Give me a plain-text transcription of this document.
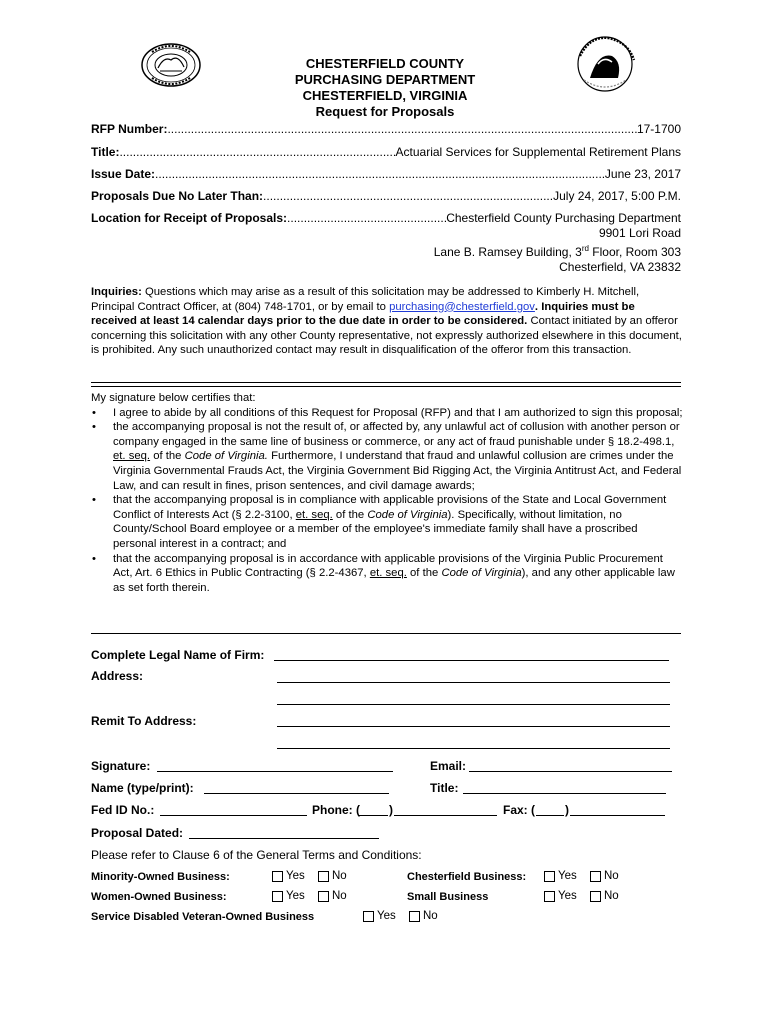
CHESTERFIELD COUNTY
PURCHASING DEPARTMENT
CHESTERFIELD, VIRGINIA
Request for Proposals
RFP Number: .....	17-1700
Title: .....	Actuarial Services for Supplemental Retirement Plans
Issue Date: .....	June 23, 2017
Proposals Due No Later Than: .....	July 24, 2017, 5:00 P.M.
Location for Receipt of Proposals: .....	Chesterfield County Purchasing Department
9901 Lori Road
Lane B. Ramsey Building, 3rd Floor, Room 303
Chesterfield, VA 23832
Inquiries: Questions which may arise as a result of this solicitation may be addressed to Kimberly H. Mitchell, Principal Contract Officer, at (804) 748-1701, or by email to purchasing@chesterfield.gov. Inquiries must be received at least 14 calendar days prior to the due date in order to be considered. Contact initiated by an offeror concerning this solicitation with any other County representative, not expressly authorized elsewhere in this document, is prohibited. Any such unauthorized contact may result in disqualification of the offeror from this transaction.
My signature below certifies that:
• I agree to abide by all conditions of this Request for Proposal (RFP) and that I am authorized to sign this proposal;
• the accompanying proposal is not the result of, or affected by, any unlawful act of collusion with another person or company engaged in the same line of business or commerce, or any act of fraud punishable under § 18.2-498.1, et. seq. of the Code of Virginia. Furthermore, I understand that fraud and unlawful collusion are crimes under the Virginia Governmental Frauds Act, the Virginia Government Bid Rigging Act, the Virginia Antitrust Act, and Federal Law, and can result in fines, prison sentences, and civil damage awards;
• that the accompanying proposal is in compliance with applicable provisions of the State and Local Government Conflict of Interests Act (§ 2.2-3100, et. seq. of the Code of Virginia). Specifically, without limitation, no County/School Board employee or a member of the employee's immediate family shall have a proscribed personal interest in a contract; and
• that the accompanying proposal is in accordance with applicable provisions of the Virginia Public Procurement Act, Art. 6 Ethics in Public Contracting (§ 2.2-4367, et. seq. of the Code of Virginia), and any other applicable law as set forth therein.
Complete Legal Name of Firm:
Address:
Remit To Address:
Signature:	Email:
Name (type/print):	Title:
Fed ID No.:	Phone: ( )	Fax: ( )
Proposal Dated:
Please refer to Clause 6 of the General Terms and Conditions:
Minority-Owned Business:	Yes No	Chesterfield Business:	Yes No
Women-Owned Business:	Yes No	Small Business	Yes No
Service Disabled Veteran-Owned Business	Yes No
